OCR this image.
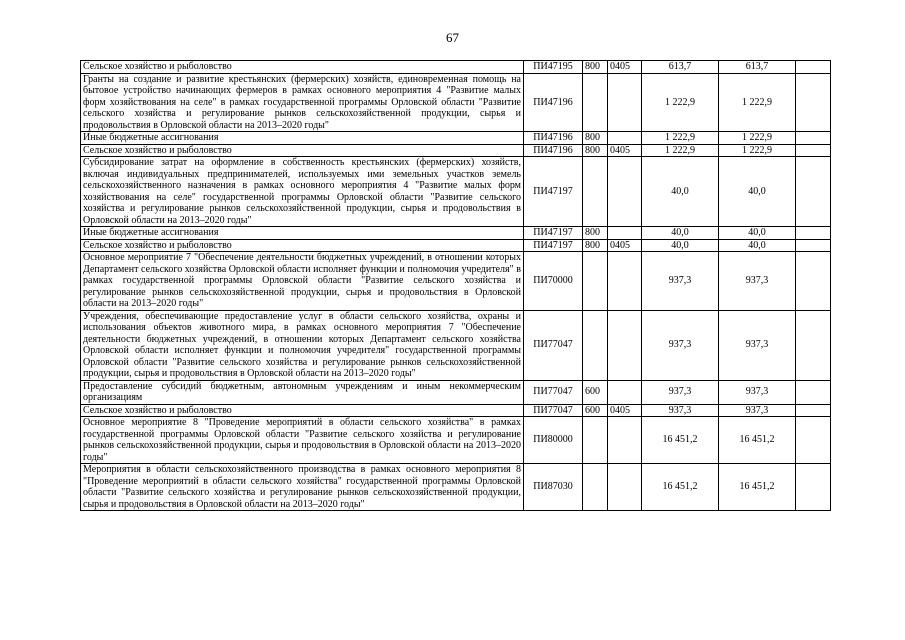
67
Сельское хозяйство и рыболовство	ПИ47195	800	0405	613,7	613,7	
Гранты на создание и развитие крестьянских (фермерских) хозяйств, единовременная помощь на бытовое устройство начинающих фермеров в рамках основного мероприятия 4 "Развитие малых форм хозяйствования на селе" в рамках государственной программы Орловской области "Развитие сельского хозяйства и регулирование рынков сельскохозяйственной продукции, сырья и продовольствия в Орловской области на 2013–2020 годы"	ПИ47196			1 222,9	1 222,9	
Иные бюджетные ассигнования	ПИ47196	800		1 222,9	1 222,9	
Сельское хозяйство и рыболовство	ПИ47196	800	0405	1 222,9	1 222,9	
Субсидирование затрат на оформление в собственность крестьянских (фермерских) хозяйств, включая индивидуальных предпринимателей, используемых ими земельных участков земель сельскохозяйственного назначения в рамках основного мероприятия 4 "Развитие малых форм хозяйствования на селе" государственной программы Орловской области "Развитие сельского хозяйства и регулирование рынков сельскохозяйственной продукции, сырья и продовольствия в Орловской области на 2013–2020 годы"	ПИ47197			40,0	40,0	
Иные бюджетные ассигнования	ПИ47197	800		40,0	40,0	
Сельское хозяйство и рыболовство	ПИ47197	800	0405	40,0	40,0	
Основное мероприятие 7 "Обеспечение деятельности бюджетных учреждений, в отношении которых Департамент сельского хозяйства Орловской области исполняет функции и полномочия учредителя" в рамках государственной программы Орловской области "Развитие сельского хозяйства и регулирование рынков сельскохозяйственной продукции, сырья и продовольствия в Орловской области на 2013–2020 годы"	ПИ70000			937,3	937,3	
Учреждения, обеспечивающие предоставление услуг в области сельского хозяйства, охраны и использования объектов животного мира, в рамках основного мероприятия 7 "Обеспечение деятельности бюджетных учреждений, в отношении которых Департамент сельского хозяйства Орловской области исполняет функции и полномочия учредителя" государственной программы Орловской области "Развитие сельского хозяйства и регулирование рынков сельскохозяйственной продукции, сырья и продовольствия в Орловской области на 2013–2020 годы"	ПИ77047			937,3	937,3	
Предоставление субсидий бюджетным, автономным учреждениям и иным некоммерческим организациям	ПИ77047	600		937,3	937,3	
Сельское хозяйство и рыболовство	ПИ77047	600	0405	937,3	937,3	
Основное мероприятие 8 "Проведение мероприятий в области сельского хозяйства" в рамках государственной программы Орловской области "Развитие сельского хозяйства и регулирование рынков сельскохозяйственной продукции, сырья и продовольствия в Орловской области на 2013–2020 годы"	ПИ80000			16 451,2	16 451,2	
Мероприятия в области сельскохозяйственного производства в рамках основного мероприятия 8 "Проведение мероприятий в области сельского хозяйства" государственной программы Орловской области "Развитие сельского хозяйства и регулирование рынков сельскохозяйственной продукции, сырья и продовольствия в Орловской области на 2013–2020 годы"	ПИ87030			16 451,2	16 451,2	
